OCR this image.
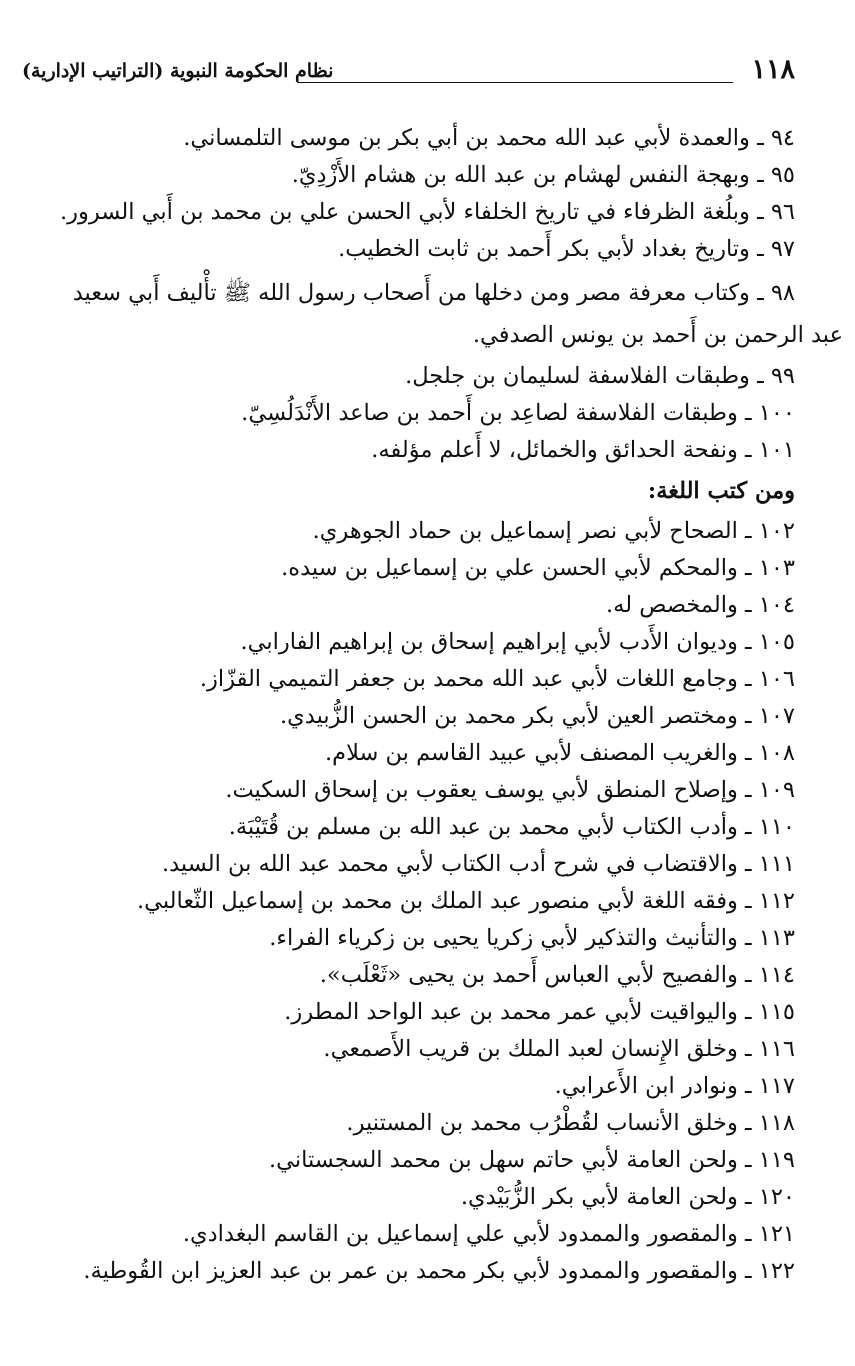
١١٨
نظام الحكومة النبوية (التراتيب الإدارية)

٩٤ ـ والعمدة لأبي عبد الله محمد بن أبي بكر بن موسى التلمساني.

٩٥ ـ وبهجة النفس لهشام بن عبد الله بن هشام الأَزْدِيّ.

٩٦ ـ وبلُغة الظرفاء في تاريخ الخلفاء لأبي الحسن علي بن محمد بن أَبي السرور.

٩٧ ـ وتاريخ بغداد لأبي بكر أَحمد بن ثابت الخطيب.

٩٨ ـ وكتاب معرفة مصر ومن دخلها من أَصحاب رسول الله ﷺ تأْليف أَبي سعيد
عبد الرحمن بن أَحمد بن يونس الصدفي.

٩٩ ـ وطبقات الفلاسفة لسليمان بن جلجل.

١٠٠ ـ وطبقات الفلاسفة لصاعِد بن أَحمد بن صاعد الأَنْدَلُسِيّ.

١٠١ ـ ونفحة الحدائق والخمائل، لا أَعلم مؤلفه.

ومن كتب اللغة:

١٠٢ ـ الصحاح لأبي نصر إسماعيل بن حماد الجوهري.

١٠٣ ـ والمحكم لأبي الحسن علي بن إسماعيل بن سيده.

١٠٤ ـ والمخصص له.

١٠٥ ـ وديوان الأَدب لأبي إبراهيم إسحاق بن إبراهيم الفارابي.

١٠٦ ـ وجامع اللغات لأبي عبد الله محمد بن جعفر التميمي القزّاز.

١٠٧ ـ ومختصر العين لأبي بكر محمد بن الحسن الزُّبيدي.

١٠٨ ـ والغريب المصنف لأبي عبيد القاسم بن سلام.

١٠٩ ـ وإصلاح المنطق لأبي يوسف يعقوب بن إسحاق السكيت.

١١٠ ـ وأدب الكتاب لأبي محمد بن عبد الله بن مسلم بن قُتَيْبَة.

١١١ ـ والاقتضاب في شرح أدب الكتاب لأبي محمد عبد الله بن السيد.

١١٢ ـ وفقه اللغة لأبي منصور عبد الملك بن محمد بن إسماعيل الثّعالبي.

١١٣ ـ والتأنيث والتذكير لأبي زكريا يحيى بن زكرياء الفراء.

١١٤ ـ والفصيح لأبي العباس أَحمد بن يحيى «ثَعْلَب».

١١٥ ـ واليواقيت لأبي عمر محمد بن عبد الواحد المطرز.

١١٦ ـ وخلق الإِنسان لعبد الملك بن قريب الأَصمعي.

١١٧ ـ ونوادر ابن الأَعرابي.

١١٨ ـ وخلق الأنساب لقُطْرُب محمد بن المستنير.

١١٩ ـ ولحن العامة لأبي حاتم سهل بن محمد السجستاني.

١٢٠ ـ ولحن العامة لأبي بكر الزُّبَيْدي.

١٢١ ـ والمقصور والممدود لأبي علي إسماعيل بن القاسم البغدادي.

١٢٢ ـ والمقصور والممدود لأبي بكر محمد بن عمر بن عبد العزيز ابن القُوطية.
